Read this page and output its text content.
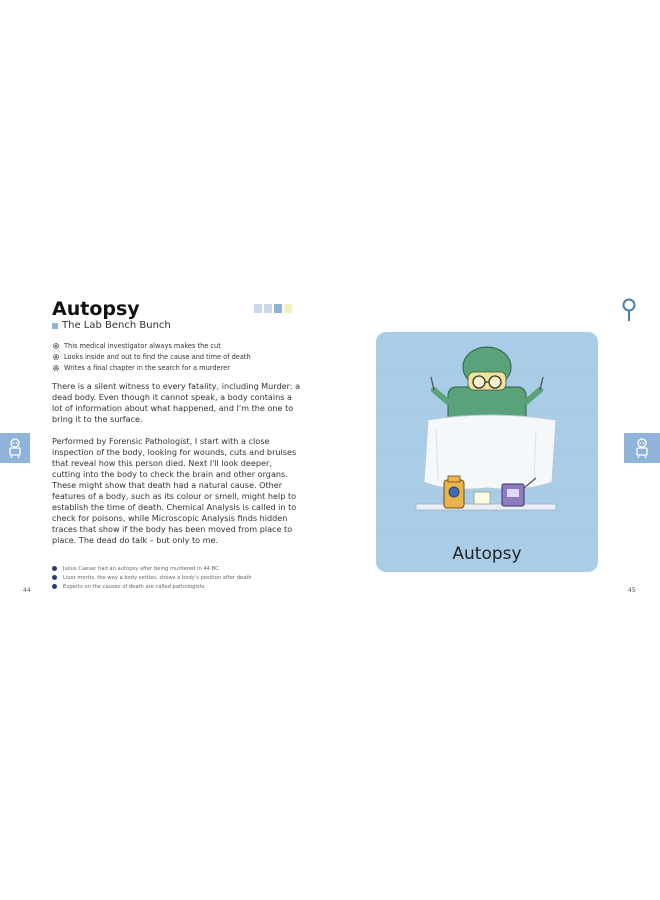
Autopsy
The Lab Bench Bunch
This medical investigator always makes the cut
Looks inside and out to find the cause and time of death
Writes a final chapter in the search for a murderer

There is a silent witness to every fatality, including Murder: a dead body. Even though it cannot speak, a body contains a lot of information about what happened, and I'm the one to bring it to the surface.

Performed by Forensic Pathologist, I start with a close inspection of the body, looking for wounds, cuts and bruises that reveal how this person died. Next I'll look deeper, cutting into the body to check the brain and other organs. These might show that death had a natural cause. Other features of a body, such as its colour or smell, might help to establish the time of death. Chemical Analysis is called in to check for poisons, while Microscopic Analysis finds hidden traces that show if the body has been moved from place to place. The dead do talk – but only to me.

Julius Caesar had an autopsy after being murdered in 44 BC
Livor mortis, the way a body settles, shows a body's position after death
Experts on the causes of death are called pathologists
44	45
Autopsy
